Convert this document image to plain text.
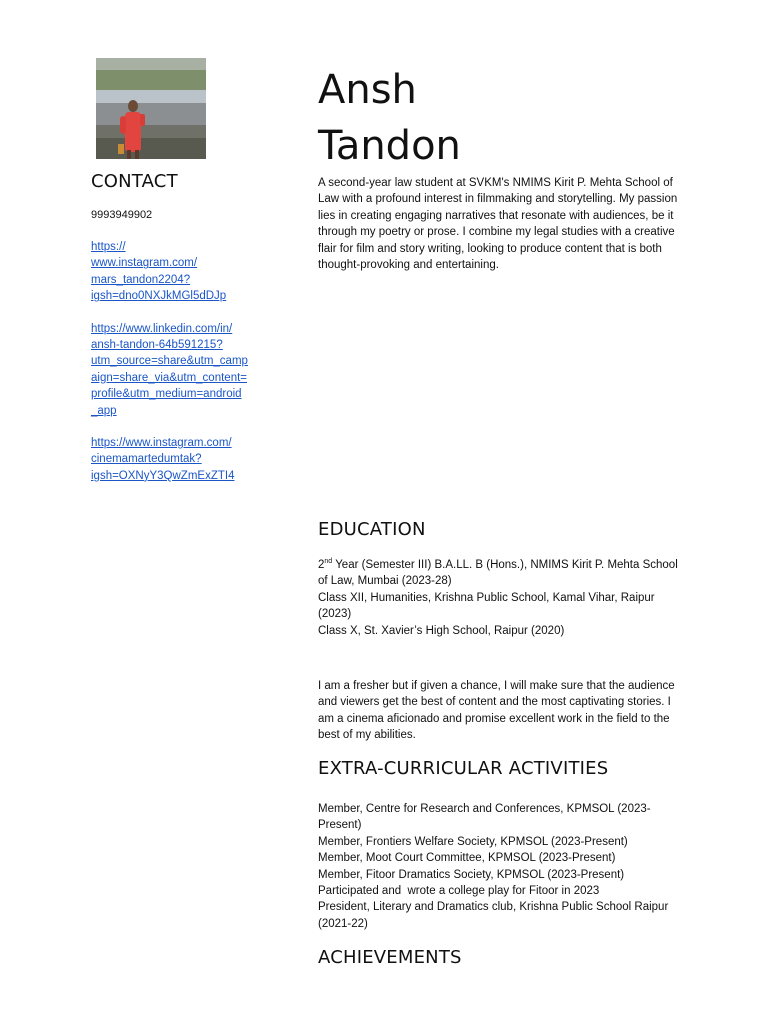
Ansh
Tandon
CONTACT
9993949902
https://
www.instagram.com/
mars_tandon2204?
igsh=dno0NXJkMGl5dDJp
https://www.linkedin.com/in/
ansh-tandon-64b591215?
utm_source=share&utm_camp
aign=share_via&utm_content=
profile&utm_medium=android
_app
https://www.instagram.com/
cinemamartedumtak?
igsh=OXNyY3QwZmExZTI4

A second-year law student at SVKM's NMIMS Kirit P. Mehta School of Law with a profound interest in filmmaking and storytelling. My passion lies in creating engaging narratives that resonate with audiences, be it through my poetry or prose. I combine my legal studies with a creative flair for film and story writing, looking to produce content that is both thought-provoking and entertaining.

EDUCATION
2nd Year (Semester III) B.A.LL. B (Hons.), NMIMS Kirit P. Mehta School of Law, Mumbai (2023-28)
Class XII, Humanities, Krishna Public School, Kamal Vihar, Raipur (2023)
Class X, St. Xavier’s High School, Raipur (2020)

I am a fresher but if given a chance, I will make sure that the audience and viewers get the best of content and the most captivating stories. I am a cinema aficionado and promise excellent work in the field to the best of my abilities.

EXTRA-CURRICULAR ACTIVITIES
Member, Centre for Research and Conferences, KPMSOL (2023-Present)
Member, Frontiers Welfare Society, KPMSOL (2023-Present)
Member, Moot Court Committee, KPMSOL (2023-Present)
Member, Fitoor Dramatics Society, KPMSOL (2023-Present)
Participated and  wrote a college play for Fitoor in 2023
President, Literary and Dramatics club, Krishna Public School Raipur (2021-22)
ACHIEVEMENTS
